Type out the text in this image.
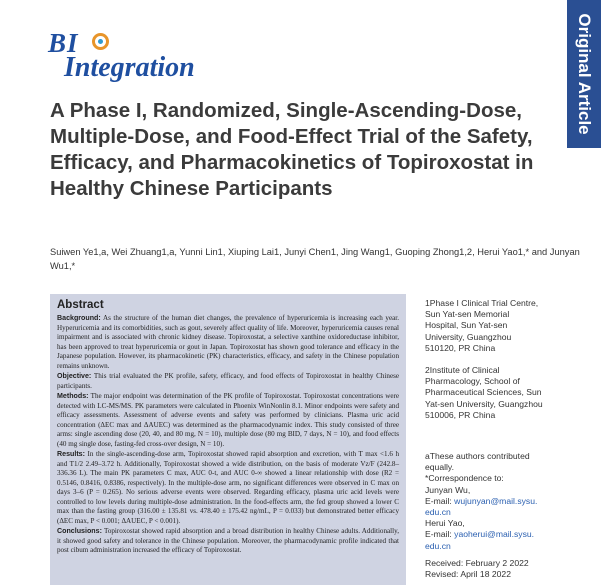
BI
Integration	Original Article
A Phase I, Randomized, Single-Ascending-Dose, Multiple-Dose, and Food-Effect Trial of the Safety, Efficacy, and Pharmacokinetics of Topiroxostat in Healthy Chinese Participants
Suiwen Ye1,a, Wei Zhuang1,a, Yunni Lin1, Xiuping Lai1, Junyi Chen1, Jing Wang1, Guoping Zhong1,2, Herui Yao1,* and Junyan Wu1,*
Abstract

Background: As the structure of the human diet changes, the prevalence of hyperuricemia is increasing each year. Hyperuricemia and its comorbidities, such as gout, severely affect quality of life. Moreover, hyperuricemia causes renal impairment and is associated with chronic kidney disease. Topiroxostat, a selective xanthine oxidoreductase inhibitor, has been approved to treat hyperuricemia or gout in Japan. Topiroxostat has shown good tolerance and efficacy in the Japanese population. However, its pharmacokinetic (PK) characteristics, efficacy, and safety in the Chinese population remains unknown.

Objective: This trial evaluated the PK profile, safety, efficacy, and food effects of Topiroxostat in healthy Chinese participants.

Methods: The major endpoint was determination of the PK profile of Topiroxostat. Topiroxostat concentrations were detected with LC-MS/MS. PK parameters were calculated in Phoenix WinNonlin 8.1. Minor endpoints were safety and efficacy assessments. Assessment of adverse events and safety was performed by clinicians. Plasma uric acid concentration (ΔEC max and ΔAUEC) was determined as the pharmacodynamic index. This study consisted of three arms: single ascending dose (20, 40, and 80 mg, N = 10), multiple dose (80 mg BID, 7 days, N = 10), and food effects (40 mg single dose, fasting-fed cross-over design, N = 10).

Results: In the single-ascending-dose arm, Topiroxostat showed rapid absorption and excretion, with T max <1.6 h and T1/2 2.49–3.72 h. Additionally, Topiroxostat showed a wide distribution, on the basis of moderate Vz/F (242.8–336.36 L). The main PK parameters C max, AUC 0-t, and AUC 0-∞ showed a linear relationship with dose (R2 = 0.5146, 0.8416, 0.8386, respectively). In the multiple-dose arm, no significant differences were observed in C max on days 3–6 (P = 0.265). No serious adverse events were observed. Regarding efficacy, plasma uric acid levels were controlled to low levels during multiple-dose administration. In the food-effects arm, the fed group showed a lower C max than the fasting group (316.00 ± 135.81 vs. 478.40 ± 175.42 ng/mL, P = 0.033) but demonstrated better efficacy (ΔEC max, P < 0.001; ΔAUEC, P < 0.001).

Conclusions: Topiroxostat showed rapid absorption and a broad distribution in healthy Chinese adults. Additionally, it showed good safety and tolerance in the Chinese population. Moreover, the pharmacodynamic profile indicated that post cibum administration increased the efficacy of Topiroxostat.

1Phase I Clinical Trial Centre,
Sun Yat-sen Memorial
Hospital, Sun Yat-sen
University, Guangzhou
510120, PR China
2Institute of Clinical
Pharmacology, School of
Pharmaceutical Sciences, Sun
Yat-sen University, Guangzhou
510006, PR China
aThese authors contributed
equally.
*Correspondence to:
Junyan Wu,
E-mail: wujunyan@mail.sysu.
edu.cn
Herui Yao,
E-mail: yaoherui@mail.sysu.
edu.cn
Received: February 2 2022
Revised: April 18 2022
